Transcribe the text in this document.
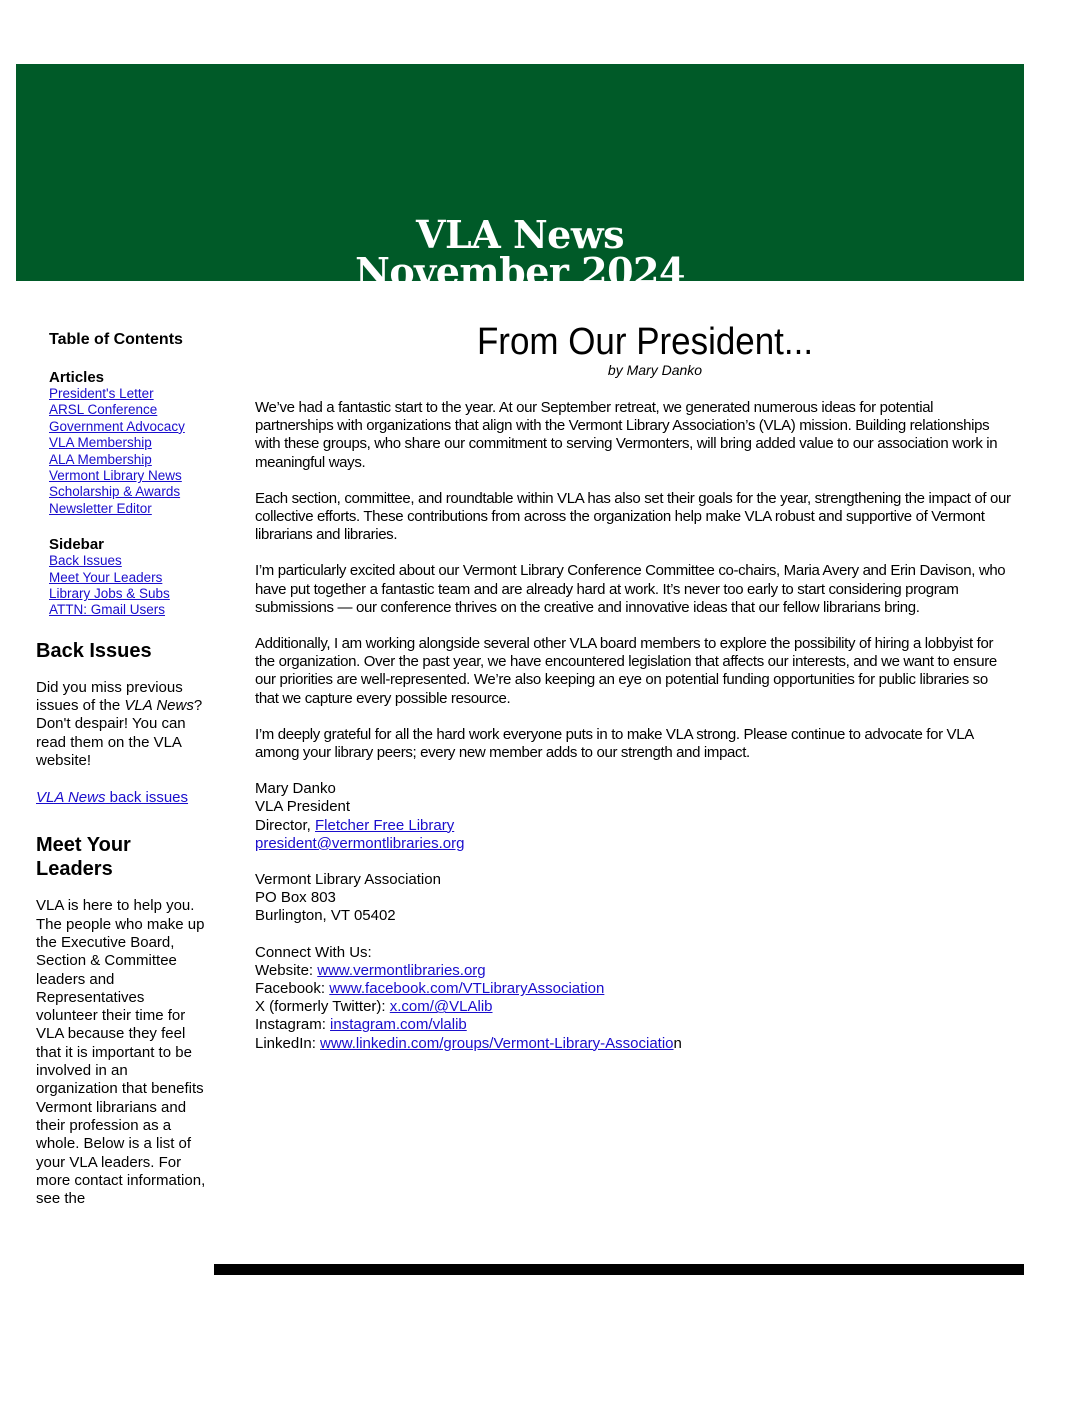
VLA News
November 2024
Table of Contents
Articles
President's Letter
ARSL Conference
Government Advocacy
VLA Membership
ALA Membership
Vermont Library News
Scholarship & Awards
Newsletter Editor
Sidebar
Back Issues
Meet Your Leaders
Library Jobs & Subs
ATTN: Gmail Users
Back Issues
Did you miss previous issues of the VLA News? Don't despair! You can read them on the VLA website!
VLA News back issues
Meet Your Leaders
VLA is here to help you. The people who make up the Executive Board, Section & Committee leaders and Representatives volunteer their time for VLA because they feel that it is important to be involved in an organization that benefits Vermont librarians and their profession as a whole. Below is a list of your VLA leaders. For more contact information, see the
From Our President...
by Mary Danko

We’ve had a fantastic start to the year. At our September retreat, we generated numerous ideas for potential partnerships with organizations that align with the Vermont Library Association’s (VLA) mission. Building relationships with these groups, who share our commitment to serving Vermonters, will bring added value to our association work in meaningful ways.

Each section, committee, and roundtable within VLA has also set their goals for the year, strengthening the impact of our collective efforts. These contributions from across the organization help make VLA robust and supportive of Vermont librarians and libraries.

I’m particularly excited about our Vermont Library Conference Committee co-chairs, Maria Avery and Erin Davison, who have put together a fantastic team and are already hard at work. It’s never too early to start considering program submissions — our conference thrives on the creative and innovative ideas that our fellow librarians bring.

Additionally, I am working alongside several other VLA board members to explore the possibility of hiring a lobbyist for the organization. Over the past year, we have encountered legislation that affects our interests, and we want to ensure our priorities are well-represented. We’re also keeping an eye on potential funding opportunities for public libraries so that we capture every possible resource.

I’m deeply grateful for all the hard work everyone puts in to make VLA strong. Please continue to advocate for VLA among your library peers; every new member adds to our strength and impact.

Mary Danko
VLA President
Director, Fletcher Free Library
president@vermontlibraries.org
Vermont Library Association
PO Box 803
Burlington, VT 05402
Connect With Us:
Website: www.vermontlibraries.org
Facebook: www.facebook.com/VTLibraryAssociation
X (formerly Twitter): x.com/@VLAlib
Instagram: instagram.com/vlalib
LinkedIn: www.linkedin.com/groups/Vermont-Library-Association
